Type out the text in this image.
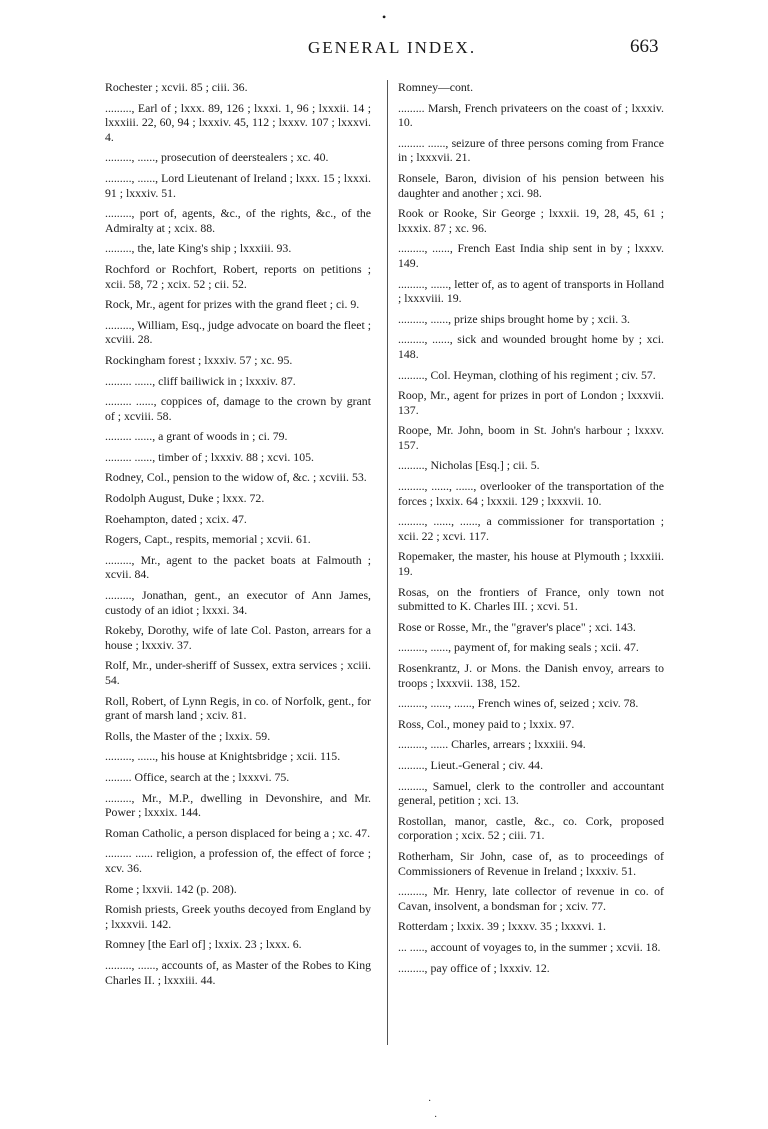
•
GENERAL INDEX.	663

Rochester ; xcvii. 85 ; ciii. 36.

........., Earl of ; lxxx. 89, 126 ; lxxxi. 1, 96 ; lxxxii. 14 ; lxxxiii. 22, 60, 94 ; lxxxiv. 45, 112 ; lxxxv. 107 ; lxxxvi. 4.

........., ......, prosecution of deerstealers ; xc. 40.

........., ......, Lord Lieutenant of Ireland ; lxxx. 15 ; lxxxi. 91 ; lxxxiv. 51.

........., port of, agents, &c., of the rights, &c., of the Admiralty at ; xcix. 88.

........., the, late King's ship ; lxxxiii. 93.

Rochford or Rochfort, Robert, reports on petitions ; xcii. 58, 72 ; xcix. 52 ; cii. 52.

Rock, Mr., agent for prizes with the grand fleet ; ci. 9.

........., William, Esq., judge advocate on board the fleet ; xcviii. 28.

Rockingham forest ; lxxxiv. 57 ; xc. 95.

......... ......, cliff bailiwick in ; lxxxiv. 87.

......... ......, coppices of, damage to the crown by grant of ; xcviii. 58.

......... ......, a grant of woods in ; ci. 79.

......... ......, timber of ; lxxxiv. 88 ; xcvi. 105.

Rodney, Col., pension to the widow of, &c. ; xcviii. 53.

Rodolph August, Duke ; lxxx. 72.

Roehampton, dated ; xcix. 47.

Rogers, Capt., respits, memorial ; xcvii. 61.

........., Mr., agent to the packet boats at Falmouth ; xcvii. 84.

........., Jonathan, gent., an executor of Ann James, custody of an idiot ; lxxxi. 34.

Rokeby, Dorothy, wife of late Col. Paston, arrears for a house ; lxxxiv. 37.

Rolf, Mr., under-sheriff of Sussex, extra services ; xciii. 54.

Roll, Robert, of Lynn Regis, in co. of Norfolk, gent., for grant of marsh land ; xciv. 81.

Rolls, the Master of the ; lxxix. 59.

........., ......, his house at Knightsbridge ; xcii. 115.

......... Office, search at the ; lxxxvi. 75.

........., Mr., M.P., dwelling in Devonshire, and Mr. Power ; lxxxix. 144.

Roman Catholic, a person displaced for being a ; xc. 47.

......... ...... religion, a profession of, the effect of force ; xcv. 36.

Rome ; lxxvii. 142 (p. 208).

Romish priests, Greek youths decoyed from England by ; lxxxvii. 142.

Romney [the Earl of] ; lxxix. 23 ; lxxx. 6.

........., ......, accounts of, as Master of the Robes to King Charles II. ; lxxxiii. 44.

Romney—cont.

......... Marsh, French privateers on the coast of ; lxxxiv. 10.

......... ......, seizure of three persons coming from France in ; lxxxvii. 21.

Ronsele, Baron, division of his pension between his daughter and another ; xci. 98.

Rook or Rooke, Sir George ; lxxxii. 19, 28, 45, 61 ; lxxxix. 87 ; xc. 96.

........., ......, French East India ship sent in by ; lxxxv. 149.

........., ......, letter of, as to agent of transports in Holland ; lxxxviii. 19.

........., ......, prize ships brought home by ; xcii. 3.

........., ......, sick and wounded brought home by ; xci. 148.

........., Col. Heyman, clothing of his regiment ; civ. 57.

Roop, Mr., agent for prizes in port of London ; lxxxvii. 137.

Roope, Mr. John, boom in St. John's harbour ; lxxxv. 157.

........., Nicholas [Esq.] ; cii. 5.

........., ......, ......, overlooker of the transportation of the forces ; lxxix. 64 ; lxxxii. 129 ; lxxxvii. 10.

........., ......, ......, a commissioner for transportation ; xcii. 22 ; xcvi. 117.

Ropemaker, the master, his house at Plymouth ; lxxxiii. 19.

Rosas, on the frontiers of France, only town not submitted to K. Charles III. ; xcvi. 51.

Rose or Rosse, Mr., the "graver's place" ; xci. 143.

........., ......, payment of, for making seals ; xcii. 47.

Rosenkrantz, J. or Mons. the Danish envoy, arrears to troops ; lxxxvii. 138, 152.

........., ......, ......, French wines of, seized ; xciv. 78.

Ross, Col., money paid to ; lxxix. 97.

........., ...... Charles, arrears ; lxxxiii. 94.

........., Lieut.-General ; civ. 44.

........., Samuel, clerk to the controller and accountant general, petition ; xci. 13.

Rostollan, manor, castle, &c., co. Cork, proposed corporation ; xcix. 52 ; ciii. 71.

Rotherham, Sir John, case of, as to proceedings of Commissioners of Revenue in Ireland ; lxxxiv. 51.

........., Mr. Henry, late collector of revenue in co. of Cavan, insolvent, a bondsman for ; xciv. 77.

Rotterdam ; lxxix. 39 ; lxxxv. 35 ; lxxxvi. 1.

... ....., account of voyages to, in the summer ; xcvii. 18.

........., pay office of ; lxxxiv. 12.

·
·
